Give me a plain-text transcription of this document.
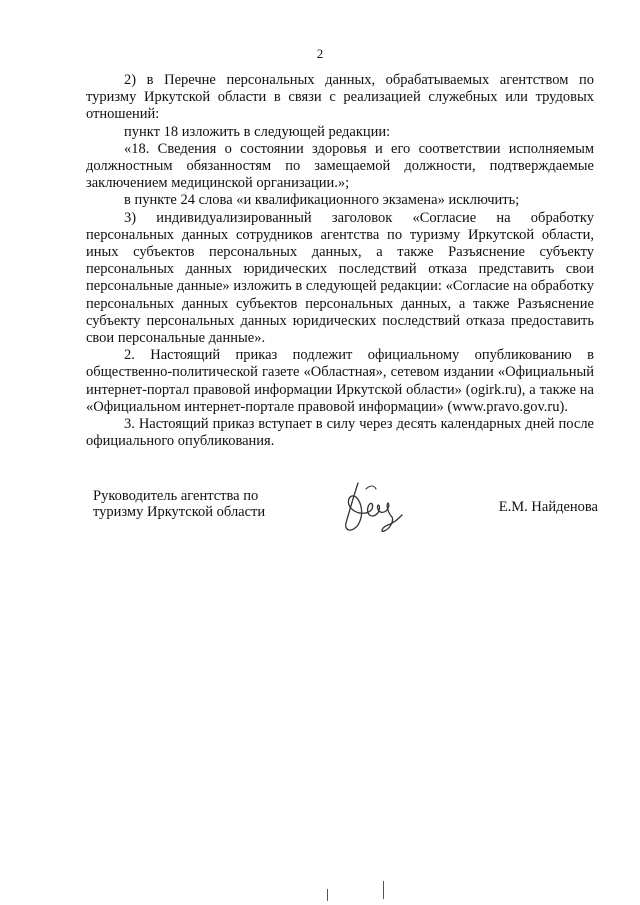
2

2) в Перечне персональных данных, обрабатываемых агентством по туризму Иркутской области в связи с реализацией служебных или трудовых отношений:

пункт 18 изложить в следующей редакции:

«18. Сведения о состоянии здоровья и его соответствии исполняемым должностным обязанностям по замещаемой должности, подтверждаемые заключением медицинской организации.»;

в пункте 24 слова «и квалификационного экзамена» исключить;

3) индивидуализированный заголовок «Согласие на обработку персональных данных сотрудников агентства по туризму Иркутской области, иных субъектов персональных данных, а также Разъяснение субъекту персональных данных юридических последствий отказа представить свои персональные данные» изложить в следующей редакции: «Согласие на обработку персональных данных субъектов персональных данных, а также Разъяснение субъекту персональных данных юридических последствий отказа предоставить свои персональные данные».

2. Настоящий приказ подлежит официальному опубликованию в общественно-политической газете «Областная», сетевом издании «Официальный интернет-портал правовой информации Иркутской области» (ogirk.ru), а также на «Официальном интернет-портале правовой информации» (www.pravo.gov.ru).

3. Настоящий приказ вступает в силу через десять календарных дней после официального опубликования.

Руководитель агентства по
туризму Иркутской области	Е.М. Найденова
